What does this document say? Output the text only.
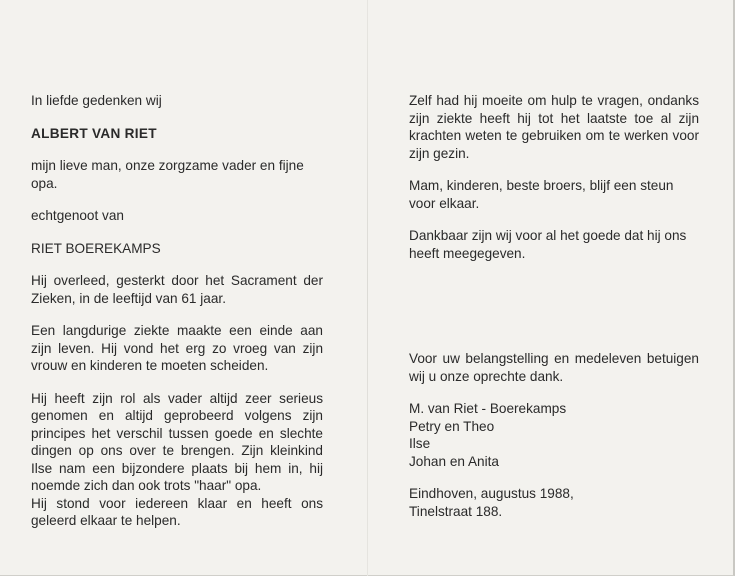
In liefde gedenken wij

ALBERT VAN RIET

mijn lieve man, onze zorgzame vader en fijne opa.

echtgenoot van

RIET BOEREKAMPS

Hij overleed, gesterkt door het Sacrament der Zieken, in de leeftijd van 61 jaar.

Een langdurige ziekte maakte een einde aan zijn leven. Hij vond het erg zo vroeg van zijn vrouw en kinderen te moeten scheiden.

Hij heeft zijn rol als vader altijd zeer serieus genomen en altijd geprobeerd volgens zijn principes het verschil tussen goede en slechte dingen op ons over te brengen. Zijn kleinkind Ilse nam een bijzondere plaats bij hem in, hij noemde zich dan ook trots "haar" opa.

Hij stond voor iedereen klaar en heeft ons geleerd elkaar te helpen.

Zelf had hij moeite om hulp te vragen, ondanks zijn ziekte heeft hij tot het laatste toe al zijn krachten weten te gebruiken om te werken voor zijn gezin.

Mam, kinderen, beste broers, blijf een steun voor elkaar.

Dankbaar zijn wij voor al het goede dat hij ons heeft meegegeven.

Voor uw belangstelling en medeleven betuigen wij u onze oprechte dank.

M. van Riet - Boerekamps
Petry en Theo
Ilse
Johan en Anita

Eindhoven, augustus 1988,
Tinelstraat 188.
